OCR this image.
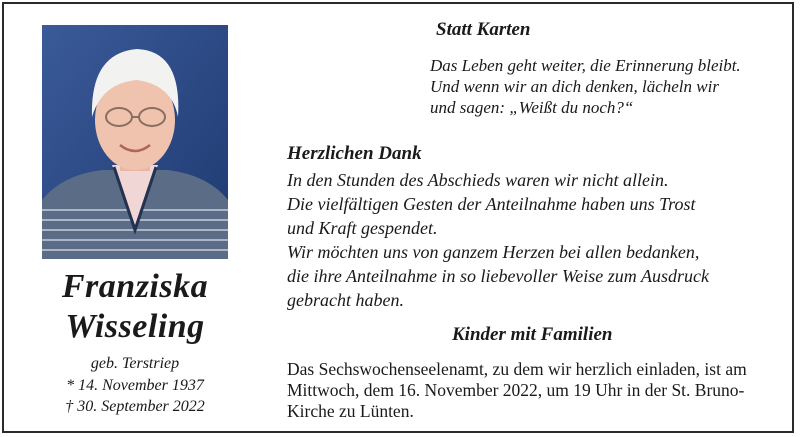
Franziska
Wisseling
geb. Terstriep
* 14. November 1937
† 30. September 2022
Statt Karten
Das Leben geht weiter, die Erinnerung bleibt.
Und wenn wir an dich denken, lächeln wir
und sagen: „Weißt du noch?“
Herzlichen Dank
In den Stunden des Abschieds waren wir nicht allein.
Die vielfältigen Gesten der Anteilnahme haben uns Trost
und Kraft gespendet.
Wir möchten uns von ganzem Herzen bei allen bedanken,
die ihre Anteilnahme in so liebevoller Weise zum Ausdruck
gebracht haben.
Kinder mit Familien
Das Sechswochenseelenamt, zu dem wir herzlich einladen, ist am
Mittwoch, dem 16. November 2022, um 19 Uhr in der St. Bruno-
Kirche zu Lünten.
